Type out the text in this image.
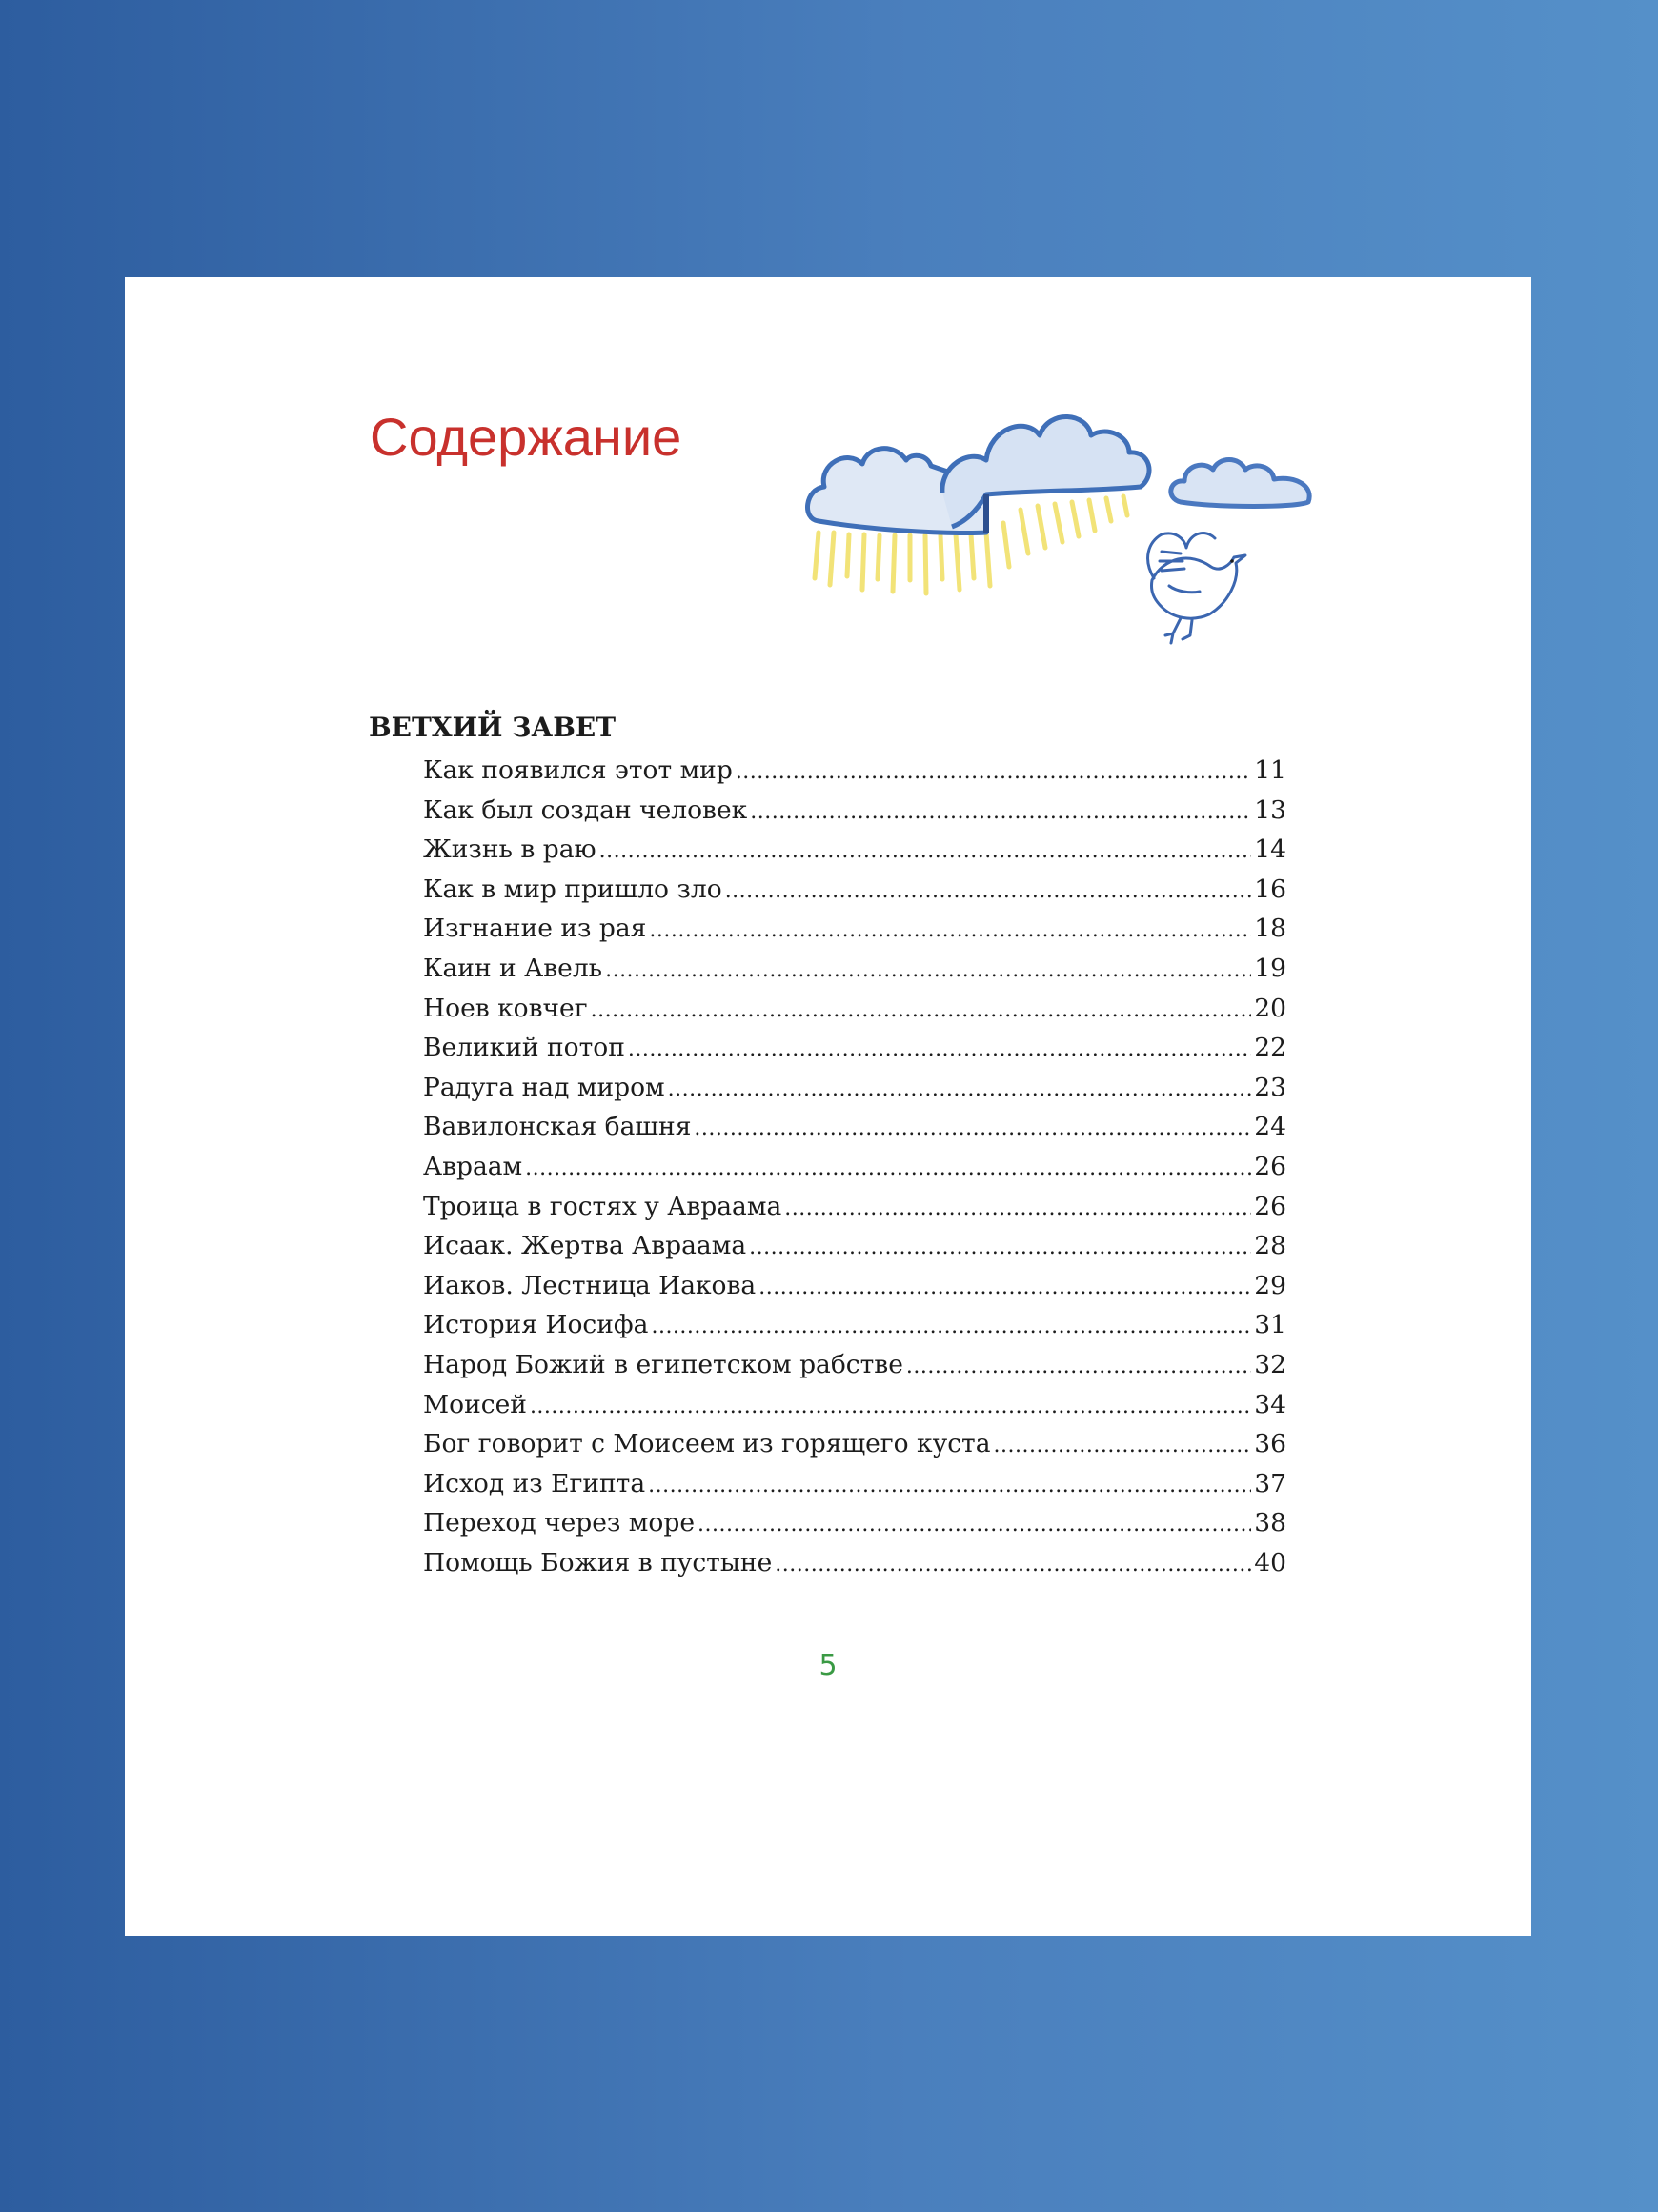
Содержание
ВЕТХИЙ ЗАВЕТ
Как появился этот мир .....	11
Как был создан человек .....	13
Жизнь в раю .....	14
Как в мир пришло зло .....	16
Изгнание из рая .....	18
Каин и Авель .....	19
Ноев ковчег .....	20
Великий потоп .....	22
Радуга над миром .....	23
Вавилонская башня .....	24
Авраам .....	26
Троица в гостях у Авраама .....	26
Исаак. Жертва Авраама .....	28
Иаков. Лестница Иакова .....	29
История Иосифа .....	31
Народ Божий в египетском рабстве .....	32
Моисей .....	34
Бог говорит с Моисеем из горящего куста .....	36
Исход из Египта .....	37
Переход через море .....	38
Помощь Божия в пустыне .....	40
5
